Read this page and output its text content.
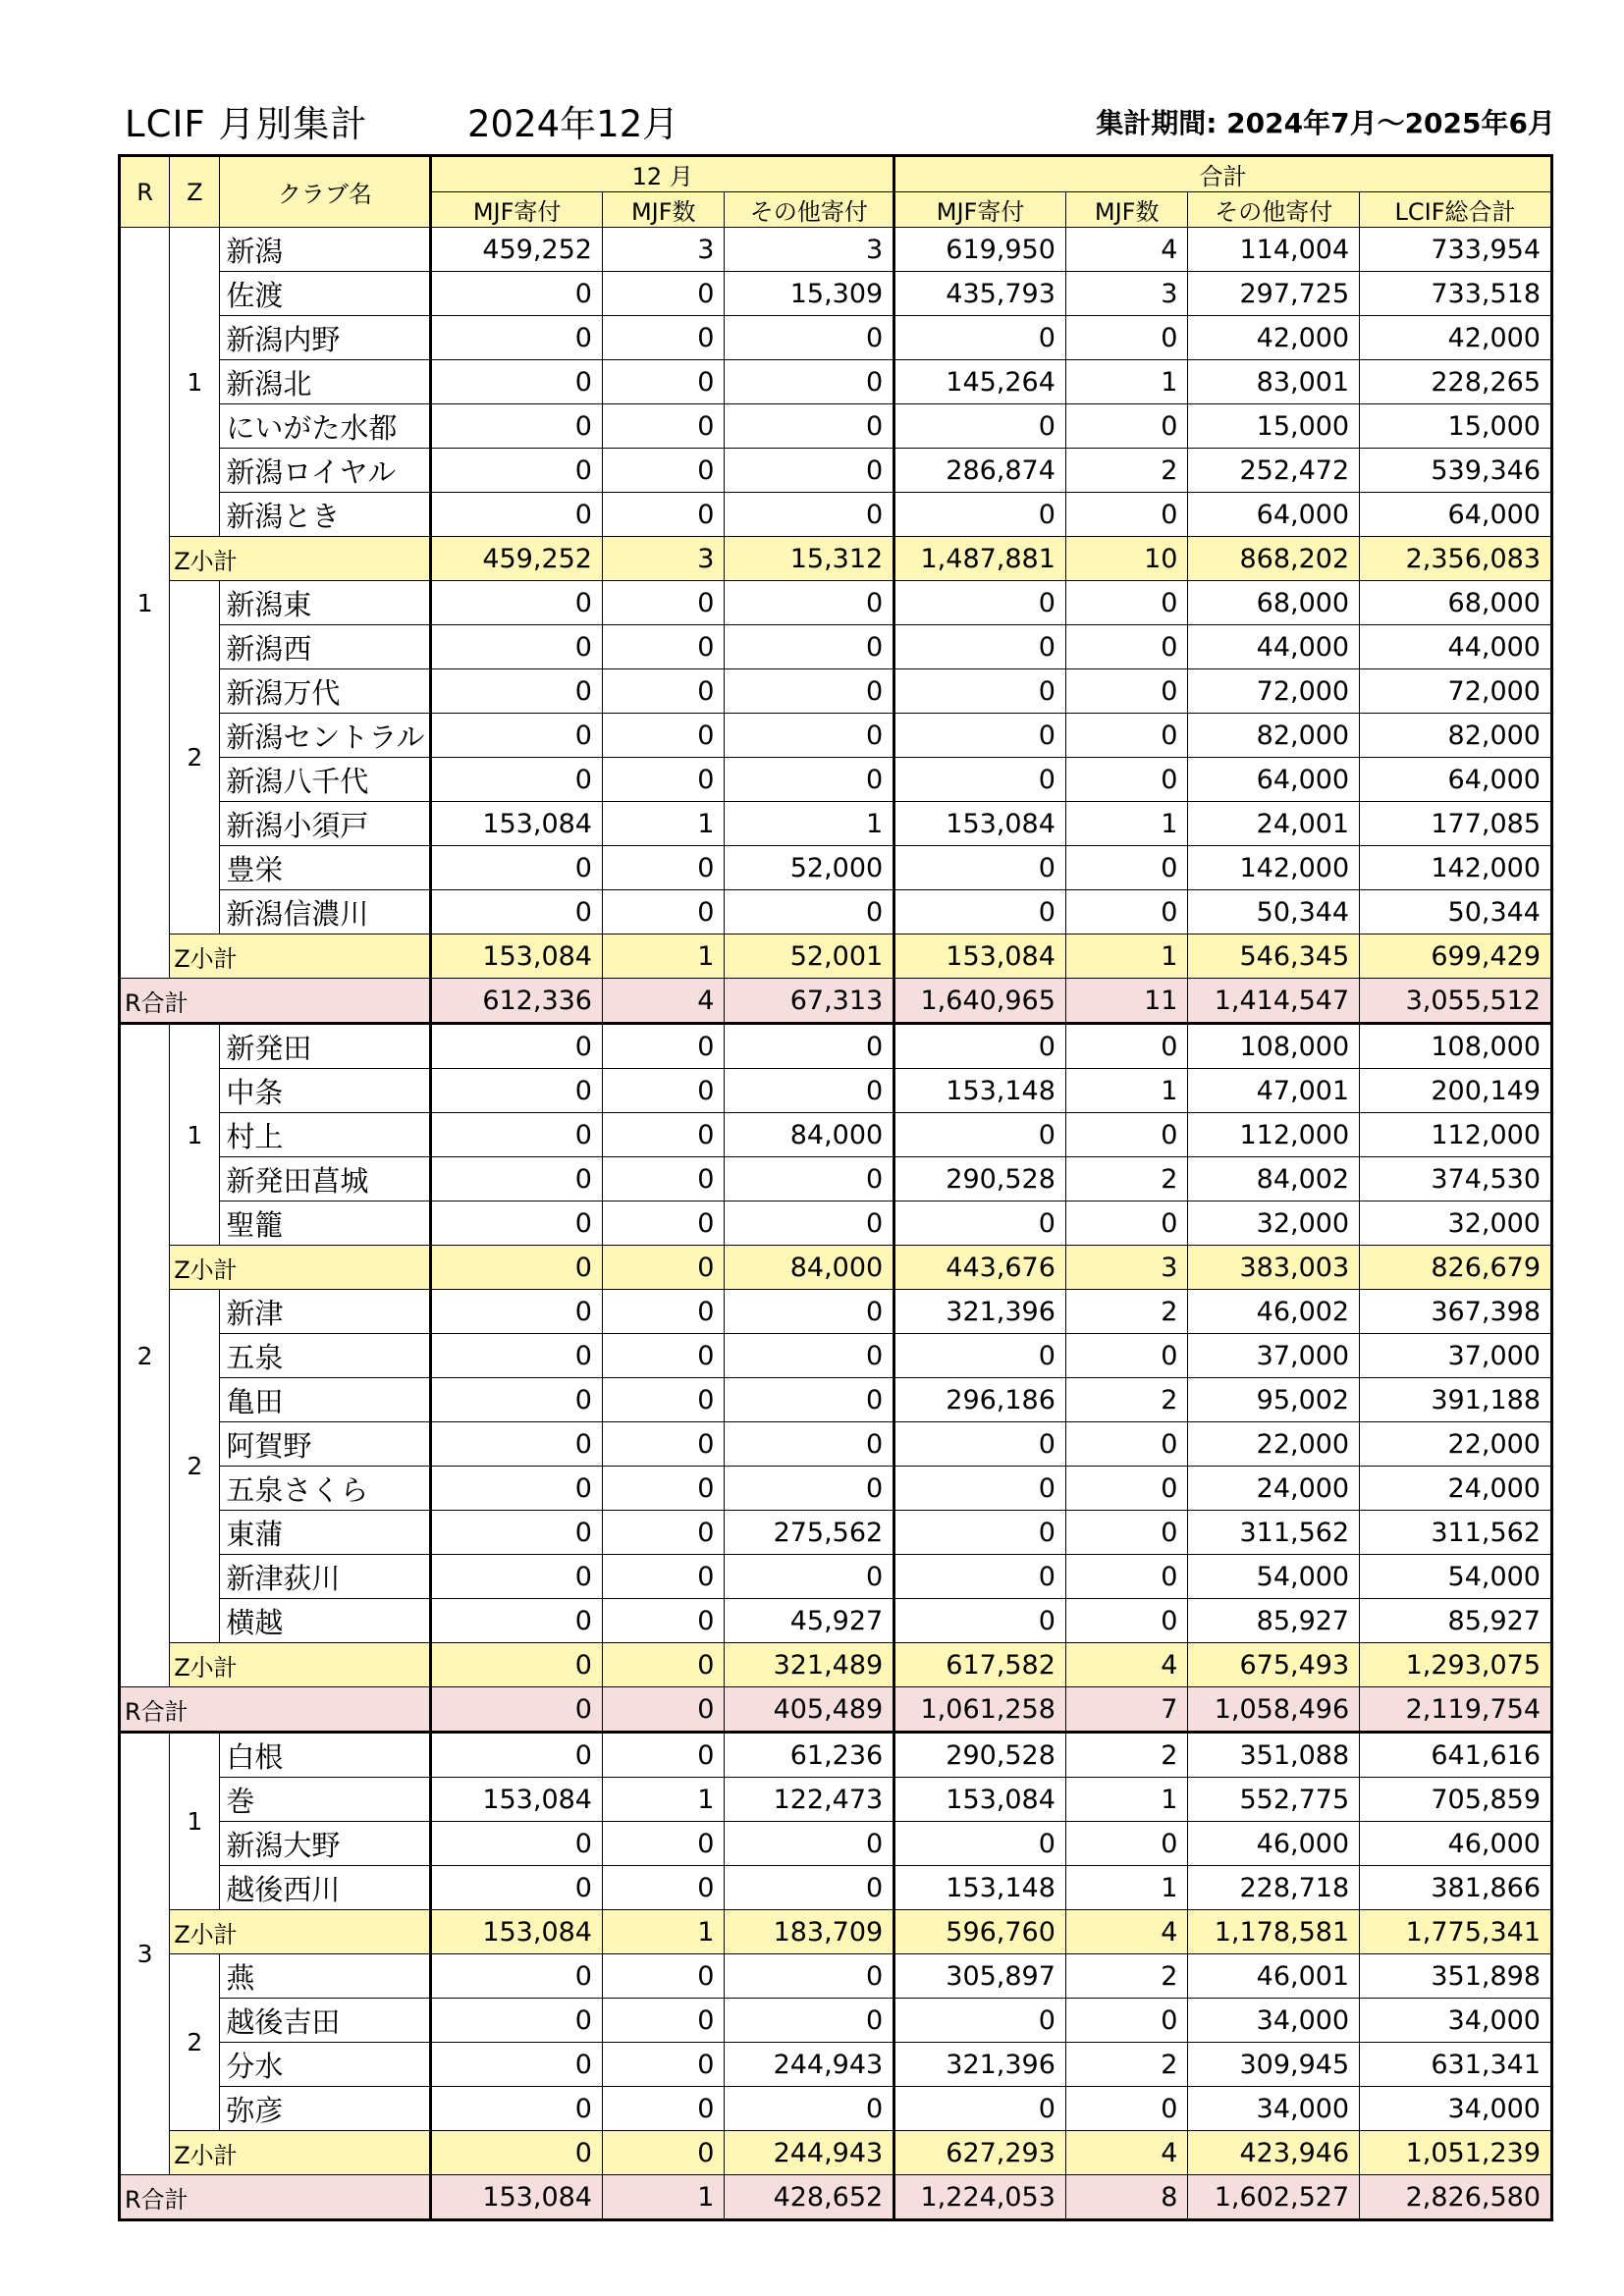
LCIF 月別集計	2024年12月	集計期間: 2024年7月～2025年6月
R	Z	クラブ名	12 月			合計			
			MJF寄付	MJF数	その他寄付	MJF寄付	MJF数	その他寄付	LCIF総合計
1	1	新潟	459,252	3	3	619,950	4	114,004	733,954
		佐渡	0	0	15,309	435,793	3	297,725	733,518
		新潟内野	0	0	0	0	0	42,000	42,000
		新潟北	0	0	0	145,264	1	83,001	228,265
		にいがた水都	0	0	0	0	0	15,000	15,000
		新潟ロイヤル	0	0	0	286,874	2	252,472	539,346
		新潟とき	0	0	0	0	0	64,000	64,000
	Z小計		459,252	3	15,312	1,487,881	10	868,202	2,356,083
	2	新潟東	0	0	0	0	0	68,000	68,000
		新潟西	0	0	0	0	0	44,000	44,000
		新潟万代	0	0	0	0	0	72,000	72,000
		新潟セントラル	0	0	0	0	0	82,000	82,000
		新潟八千代	0	0	0	0	0	64,000	64,000
		新潟小須戸	153,084	1	1	153,084	1	24,001	177,085
		豊栄	0	0	52,000	0	0	142,000	142,000
		新潟信濃川	0	0	0	0	0	50,344	50,344
	Z小計		153,084	1	52,001	153,084	1	546,345	699,429
R合計			612,336	4	67,313	1,640,965	11	1,414,547	3,055,512
2	1	新発田	0	0	0	0	0	108,000	108,000
		中条	0	0	0	153,148	1	47,001	200,149
		村上	0	0	84,000	0	0	112,000	112,000
		新発田菖城	0	0	0	290,528	2	84,002	374,530
		聖籠	0	0	0	0	0	32,000	32,000
	Z小計		0	0	84,000	443,676	3	383,003	826,679
	2	新津	0	0	0	321,396	2	46,002	367,398
		五泉	0	0	0	0	0	37,000	37,000
		亀田	0	0	0	296,186	2	95,002	391,188
		阿賀野	0	0	0	0	0	22,000	22,000
		五泉さくら	0	0	0	0	0	24,000	24,000
		東蒲	0	0	275,562	0	0	311,562	311,562
		新津荻川	0	0	0	0	0	54,000	54,000
		横越	0	0	45,927	0	0	85,927	85,927
	Z小計		0	0	321,489	617,582	4	675,493	1,293,075
R合計			0	0	405,489	1,061,258	7	1,058,496	2,119,754
3	1	白根	0	0	61,236	290,528	2	351,088	641,616
		巻	153,084	1	122,473	153,084	1	552,775	705,859
		新潟大野	0	0	0	0	0	46,000	46,000
		越後西川	0	0	0	153,148	1	228,718	381,866
	Z小計		153,084	1	183,709	596,760	4	1,178,581	1,775,341
	2	燕	0	0	0	305,897	2	46,001	351,898
		越後吉田	0	0	0	0	0	34,000	34,000
		分水	0	0	244,943	321,396	2	309,945	631,341
		弥彦	0	0	0	0	0	34,000	34,000
	Z小計		0	0	244,943	627,293	4	423,946	1,051,239
R合計			153,084	1	428,652	1,224,053	8	1,602,527	2,826,580
